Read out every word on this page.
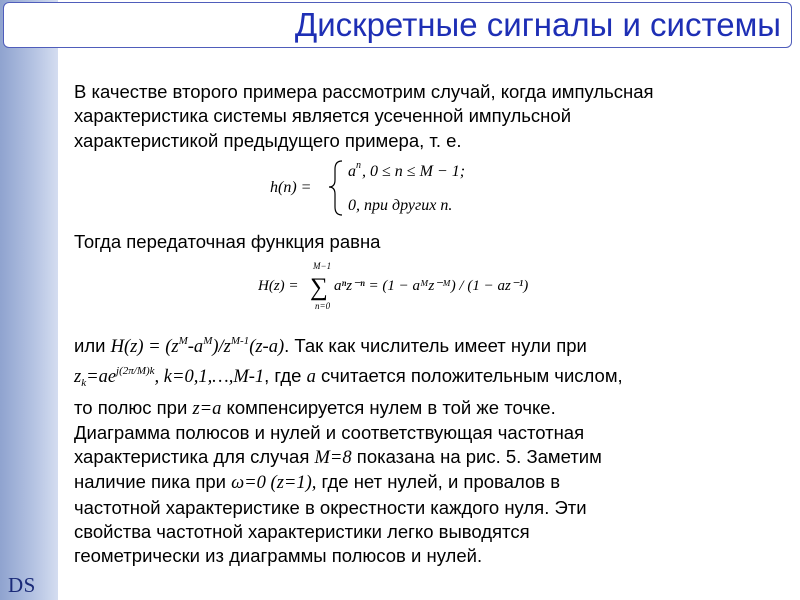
DS
Дискретные сигналы и системы
В качестве второго примера рассмотрим случай, когда импульсная
характеристика системы является усеченной импульсной
характеристикой предыдущего примера, т. е.
h(n) =
a n , 0 ≤ n ≤ M − 1;
0, при других n.
Тогда передаточная функция равна
H(z) =
M−1
∑
n=0
aⁿz⁻ⁿ = (1 − aᴹz⁻ᴹ) / (1 − az⁻¹)
или $H(z) = (z^M-a^M)/z^{M-1}(z-a)$. Так как числитель имеет нули при
$z_k=ae^{j(2\pi/M)k}$, k=0,1,…,M-1, где a считается положительным числом,
то полюс при z=a компенсируется нулем в той же точке.
Диаграмма полюсов и нулей и соответствующая частотная
характеристика для случая M=8 показана на рис. 5. Заметим
наличие пика при ω=0 (z=1), где нет нулей, и провалов в
частотной характеристике в окрестности каждого нуля. Эти
свойства частотной характеристики легко выводятся
геометрически из диаграммы полюсов и нулей.
